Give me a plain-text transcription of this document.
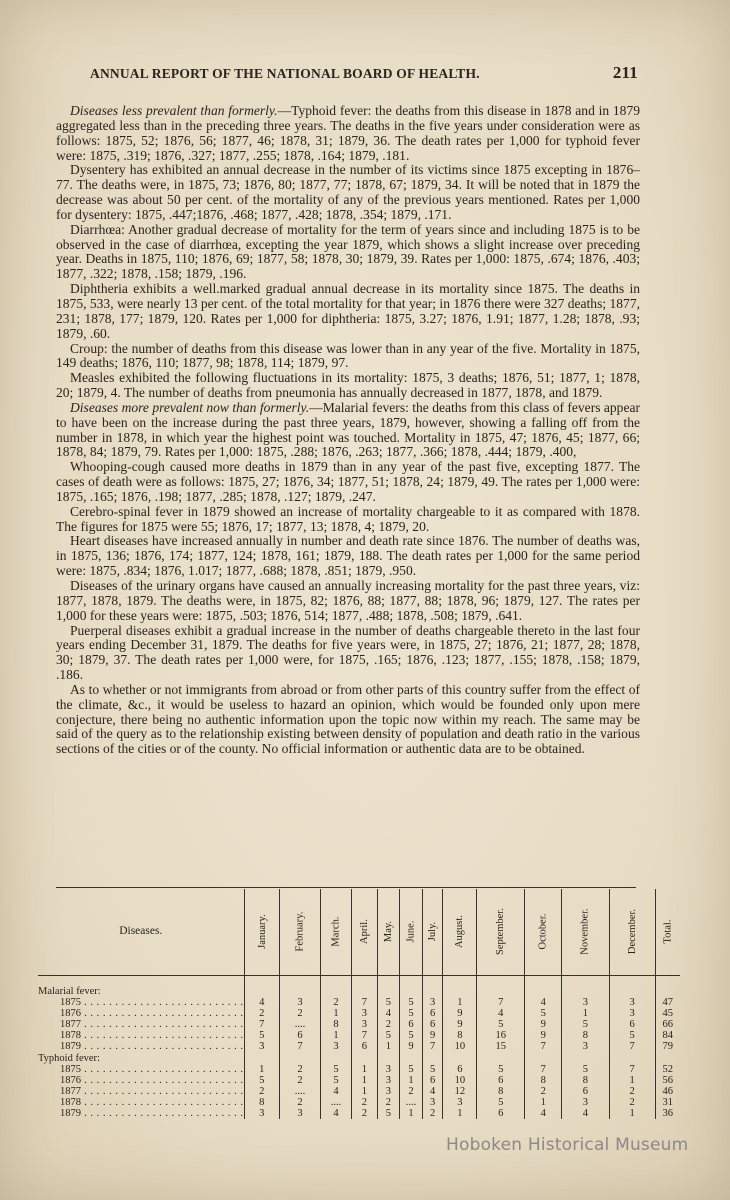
ANNUAL REPORT OF THE NATIONAL BOARD OF HEALTH.	211

Diseases less prevalent than formerly.—Typhoid fever: the deaths from this disease in 1878 and in 1879 aggregated less than in the preceding three years. The deaths in the five years under consideration were as follows: 1875, 52; 1876, 56; 1877, 46; 1878, 31; 1879, 36. The death rates per 1,000 for typhoid fever were: 1875, .319; 1876, .327; 1877, .255; 1878, .164; 1879, .181.

Dysentery has exhibited an annual decrease in the number of its victims since 1875 excepting in 1876–77. The deaths were, in 1875, 73; 1876, 80; 1877, 77; 1878, 67; 1879, 34. It will be noted that in 1879 the decrease was about 50 per cent. of the mortality of any of the previous years mentioned. Rates per 1,000 for dysentery: 1875, .447;1876, .468; 1877, .428; 1878, .354; 1879, .171.

Diarrhœa: Another gradual decrease of mortality for the term of years since and including 1875 is to be observed in the case of diarrhœa, excepting the year 1879, which shows a slight increase over preceding year. Deaths in 1875, 110; 1876, 69; 1877, 58; 1878, 30; 1879, 39. Rates per 1,000: 1875, .674; 1876, .403; 1877, .322; 1878, .158; 1879, .196.

Diphtheria exhibits a well.marked gradual annual decrease in its mortality since 1875. The deaths in 1875, 533, were nearly 13 per cent. of the total mortality for that year; in 1876 there were 327 deaths; 1877, 231; 1878, 177; 1879, 120. Rates per 1,000 for diphtheria: 1875, 3.27; 1876, 1.91; 1877, 1.28; 1878, .93; 1879, .60.

Croup: the number of deaths from this disease was lower than in any year of the five. Mortality in 1875, 149 deaths; 1876, 110; 1877, 98; 1878, 114; 1879, 97.

Measles exhibited the following fluctuations in its mortality: 1875, 3 deaths; 1876, 51; 1877, 1; 1878, 20; 1879, 4. The number of deaths from pneumonia has annually decreased in 1877, 1878, and 1879.

Diseases more prevalent now than formerly.—Malarial fevers: the deaths from this class of fevers appear to have been on the increase during the past three years, 1879, however, showing a falling off from the number in 1878, in which year the highest point was touched. Mortality in 1875, 47; 1876, 45; 1877, 66; 1878, 84; 1879, 79. Rates per 1,000: 1875, .288; 1876, .263; 1877, .366; 1878, .444; 1879, .400,

Whooping-cough caused more deaths in 1879 than in any year of the past five, excepting 1877. The cases of death were as follows: 1875, 27; 1876, 34; 1877, 51; 1878, 24; 1879, 49. The rates per 1,000 were: 1875, .165; 1876, .198; 1877, .285; 1878, .127; 1879, .247.

Cerebro-spinal fever in 1879 showed an increase of mortality chargeable to it as compared with 1878. The figures for 1875 were 55; 1876, 17; 1877, 13; 1878, 4; 1879, 20.

Heart diseases have increased annually in number and death rate since 1876. The number of deaths was, in 1875, 136; 1876, 174; 1877, 124; 1878, 161; 1879, 188. The death rates per 1,000 for the same period were: 1875, .834; 1876, 1.017; 1877, .688; 1878, .851; 1879, .950.

Diseases of the urinary organs have caused an annually increasing mortality for the past three years, viz: 1877, 1878, 1879. The deaths were, in 1875, 82; 1876, 88; 1877, 88; 1878, 96; 1879, 127. The rates per 1,000 for these years were: 1875, .503; 1876, 514; 1877, .488; 1878, .508; 1879, .641.

Puerperal diseases exhibit a gradual increase in the number of deaths chargeable thereto in the last four years ending December 31, 1879. The deaths for five years were, in 1875, 27; 1876, 21; 1877, 28; 1878, 30; 1879, 37. The death rates per 1,000 were, for 1875, .165; 1876, .123; 1877, .155; 1878, .158; 1879, .186.

As to whether or not immigrants from abroad or from other parts of this country suffer from the effect of the climate, &c., it would be useless to hazard an opinion, which would be founded only upon mere conjecture, there being no authentic information upon the topic now within my reach. The same may be said of the query as to the relationship existing between density of population and death ratio in the various sections of the cities or of the county. No official information or authentic data are to be obtained.

Diseases.	January.	February.	March.	April.	May.	June.	July.	August.	September.	October.	November.	December.	Total.
Malarial fever:													
1875 . . . . . . . . . . . . . . . . . . . . . . . . . .	4	3	2	7	5	5	3	1	7	4	3	3	47
1876 . . . . . . . . . . . . . . . . . . . . . . . . . .	2	2	1	3	4	5	6	9	4	5	1	3	45
1877 . . . . . . . . . . . . . . . . . . . . . . . . . .	7	....	8	3	2	6	6	9	5	9	5	6	66
1878 . . . . . . . . . . . . . . . . . . . . . . . . . .	5	6	1	7	5	5	9	8	16	9	8	5	84
1879 . . . . . . . . . . . . . . . . . . . . . . . . . .	3	7	3	6	1	9	7	10	15	7	3	7	79
Typhoid fever:													
1875 . . . . . . . . . . . . . . . . . . . . . . . . . .	1	2	5	1	3	5	5	6	5	7	5	7	52
1876 . . . . . . . . . . . . . . . . . . . . . . . . . .	5	2	5	1	3	1	6	10	6	8	8	1	56
1877 . . . . . . . . . . . . . . . . . . . . . . . . . .	2	....	4	1	3	2	4	12	8	2	6	2	46
1878 . . . . . . . . . . . . . . . . . . . . . . . . . .	8	2	....	2	2	....	3	3	5	1	3	2	31
1879 . . . . . . . . . . . . . . . . . . . . . . . . . .	3	3	4	2	5	1	2	1	6	4	4	1	36
Hoboken Historical Museum
